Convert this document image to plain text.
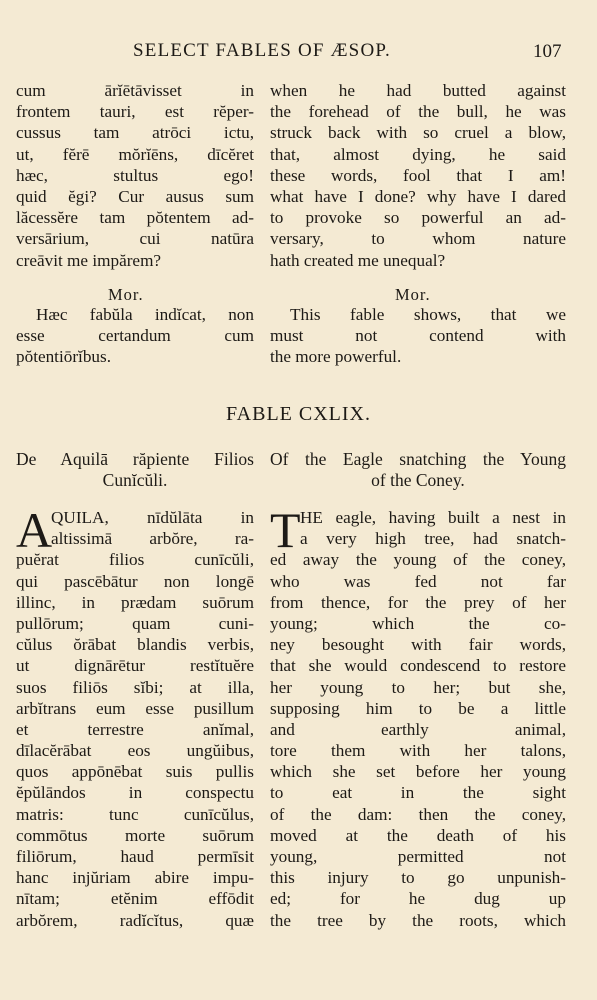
SELECT FABLES OF ÆSOP.	107
cum ārĭētāvisset in
frontem tauri, est rĕper-
cussus tam atrōci ictu,
ut, fĕrē mŏrĭēns, dīcĕret
hæc, stultus ego!
quid ĕgi? Cur ausus sum
lăcessĕre tam pŏtentem ad-
versārium, cui natūra
creāvit me impărem?
when he had butted against
the forehead of the bull, he was
struck back with so cruel a blow,
that, almost dying, he said
these words, fool that I am!
what have I done? why have I dared
to provoke so powerful an ad-
versary, to whom nature
hath created me unequal?
Mor.	Mor.
Hæc fabŭla indĭcat, non
esse certandum cum
pŏtentiōrĭbus.
This fable shows, that we
must not contend with
the more powerful.
FABLE CXLIX.
De Aquilā răpiente Filios
Cunĭcŭli.
Of the Eagle snatching the Young
of the Coney.
A	T
QUILA, nīdŭlāta in
altissimā arbŏre, ra-
puĕrat filios cunīcŭli,
qui pascēbātur non longē
illinc, in prædam suōrum
pullōrum; quam cuni-
cŭlus ŏrābat blandis verbis,
ut dignārētur restĭtuĕre
suos filiōs sĭbi; at illa,
arbĭtrans eum esse pusillum
et terrestre anĭmal,
dīlacĕrābat eos ungŭibus,
quos appōnēbat suis pullis
ĕpŭlāndos in conspectu
matris: tunc cunīcŭlus,
commōtus morte suōrum
filiōrum, haud permīsit
hanc injŭriam abire impu-
nītam; etĕnim effōdit
arbŏrem, radĭcĭtus, quæ
HE eagle, having built a nest in
a very high tree, had snatch-
ed away the young of the coney,
who was fed not far
from thence, for the prey of her
young; which the co-
ney besought with fair words,
that she would condescend to restore
her young to her; but she,
supposing him to be a little
and earthly animal,
tore them with her talons,
which she set before her young
to eat in the sight
of the dam: then the coney,
moved at the death of his
young, permitted not
this injury to go unpunish-
ed; for he dug up
the tree by the roots, which
